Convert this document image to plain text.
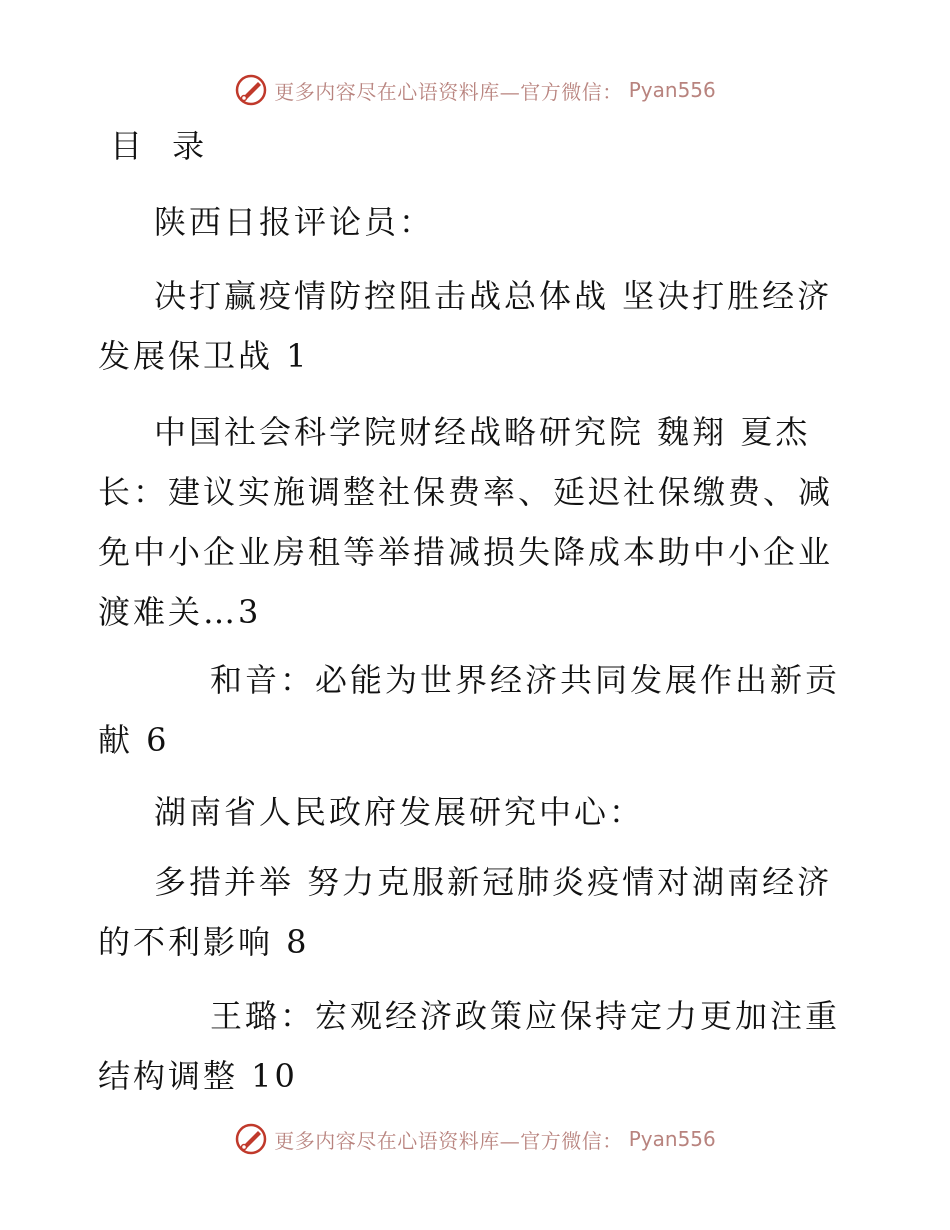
更多内容尽在心语资料库—官方微信： Pyan556
目 录

陕西日报评论员：

决打赢疫情防控阻击战总体战 坚决打胜经济发展保卫战 1

中国社会科学院财经战略研究院 魏翔 夏杰长：建议实施调整社保费率、延迟社保缴费、减免中小企业房租等举措减损失降成本助中小企业渡难关…3

和音：必能为世界经济共同发展作出新贡献 6

湖南省人民政府发展研究中心：

多措并举 努力克服新冠肺炎疫情对湖南经济的不利影响 8

王璐：宏观经济政策应保持定力更加注重结构调整 10

更多内容尽在心语资料库—官方微信： Pyan556
